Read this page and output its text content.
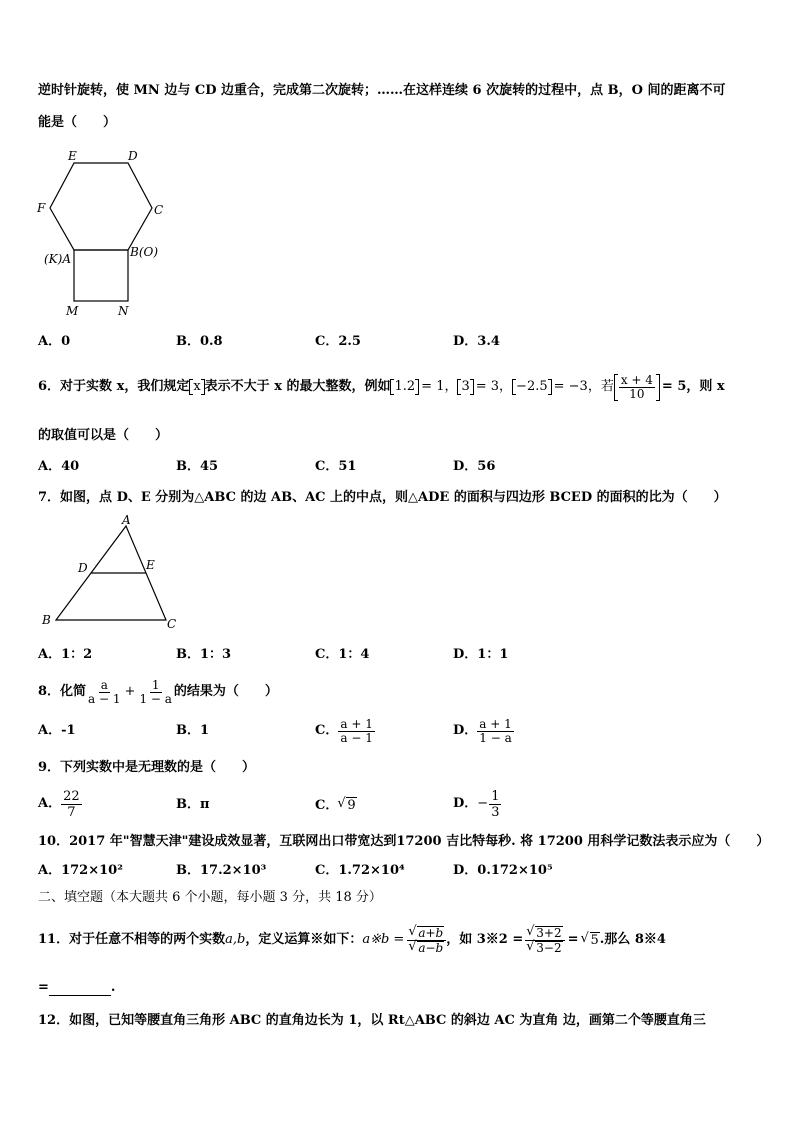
逆时针旋转，使 MN 边与 CD 边重合，完成第二次旋转；……在这样连续 6 次旋转的过程中，点 B，O 间的距离不可
能是（　　）
E	D
F	C
(K)A	B(O)
M	N
A．0	B．0.8	C．2.5	D．3.4
6．对于实数 x，我们规定 x 表示不大于 x 的最大整数，例如 1.2 = 1， 3 = 3， −2.5 = −3，若 $\frac{x + 4}{10} = 5$，则 x
的取值可以是（　　）
A．40	B．45	C．51	D．56
7．如图，点 D、E 分别为△ABC 的边 AB、AC 上的中点，则△ADE 的面积与四边形 BCED 的面积的比为（　　）
A
D	E
B	C
A．1：2	B．1：3	C．1：4	D．1：1
8．化简 $\frac{a}{a - 1} + \frac{1}{1 - a}$ 的结果为（　　）
A．-1	B．1	C． $\frac{a + 1}{a - 1}$	D． $\frac{a + 1}{1 - a}$
9．下列实数中是无理数的是（　　）
A． $\frac{22}{7}$	B．π	C． √ 9	D． − $\frac{1}{3}$
10．2017 年"智慧天津"建设成效显著，互联网出口带宽达到17200 吉比特每秒. 将 17200 用科学记数法表示应为（　　）
A．172×10²	B．17.2×10³	C．1.72×10⁴	D．0.172×10⁵
二、填空题（本大题共 6 个小题，每小题 3 分，共 18 分）
11．对于任意不相等的两个实数 a,b ，定义运算※如下： a※b = √ a+b
√ a−b ，如 3※2 = √ 3+2
√ 3−2 = √ 5 .那么 8※4
=	.
12．如图，已知等腰直角三角形 ABC 的直角边长为 1，以 Rt△ABC 的斜边 AC 为直角 边，画第二个等腰直角三
